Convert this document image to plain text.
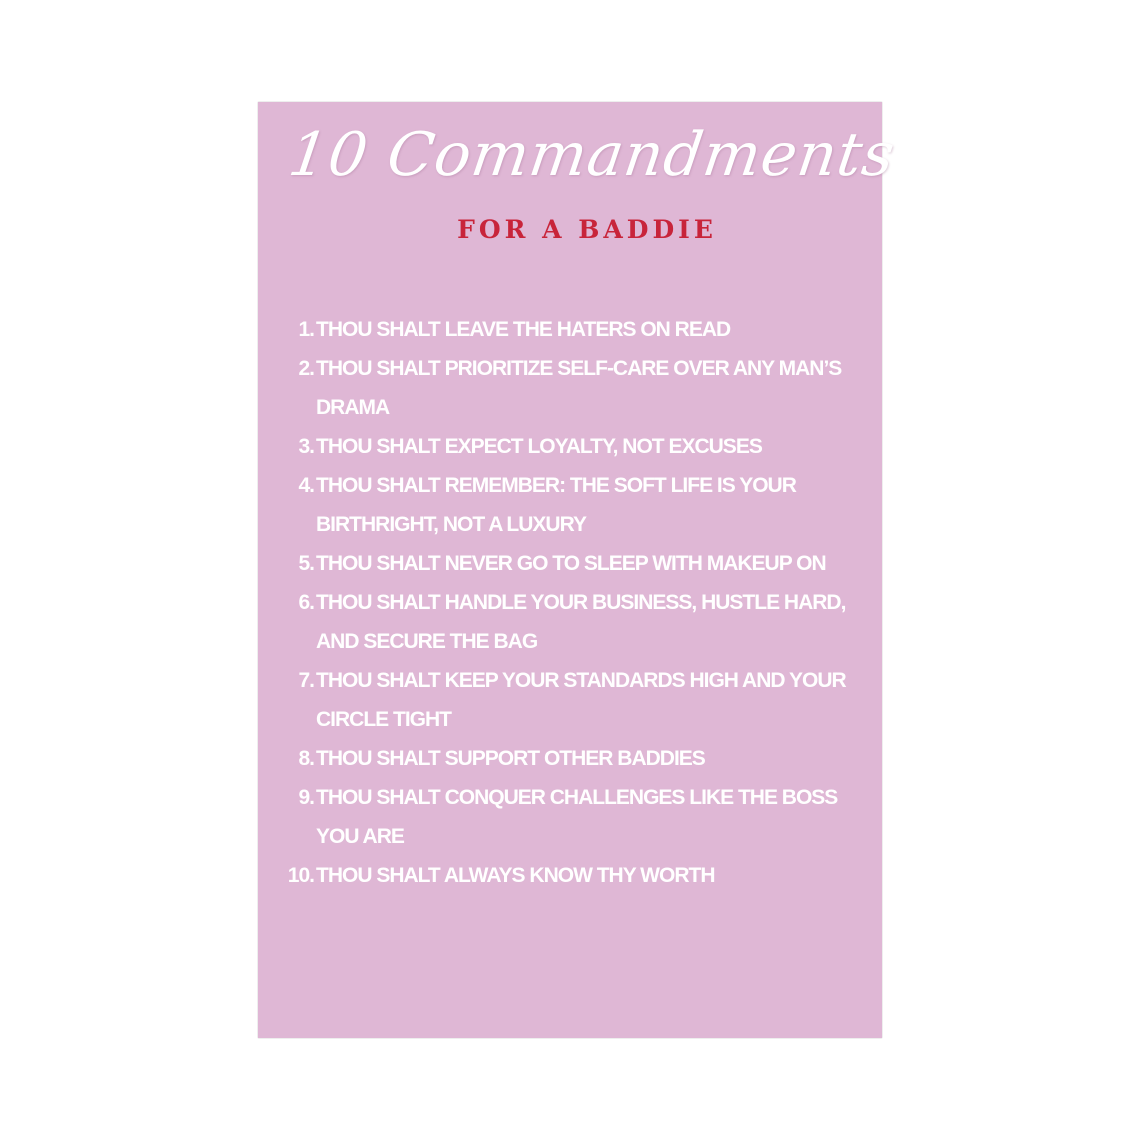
10 Commandments
FOR A BADDIE
1. THOU SHALT LEAVE THE HATERS ON READ
2. THOU SHALT PRIORITIZE SELF-CARE OVER ANY MAN’S DRAMA
3. THOU SHALT EXPECT LOYALTY, NOT EXCUSES
4. THOU SHALT REMEMBER: THE SOFT LIFE IS YOUR BIRTHRIGHT, NOT A LUXURY
5. THOU SHALT NEVER GO TO SLEEP WITH MAKEUP ON
6. THOU SHALT HANDLE YOUR BUSINESS, HUSTLE HARD, AND SECURE THE BAG
7. THOU SHALT KEEP YOUR STANDARDS HIGH AND YOUR CIRCLE TIGHT
8. THOU SHALT SUPPORT OTHER BADDIES
9. THOU SHALT CONQUER CHALLENGES LIKE THE BOSS YOU ARE
10. THOU SHALT ALWAYS KNOW THY WORTH
